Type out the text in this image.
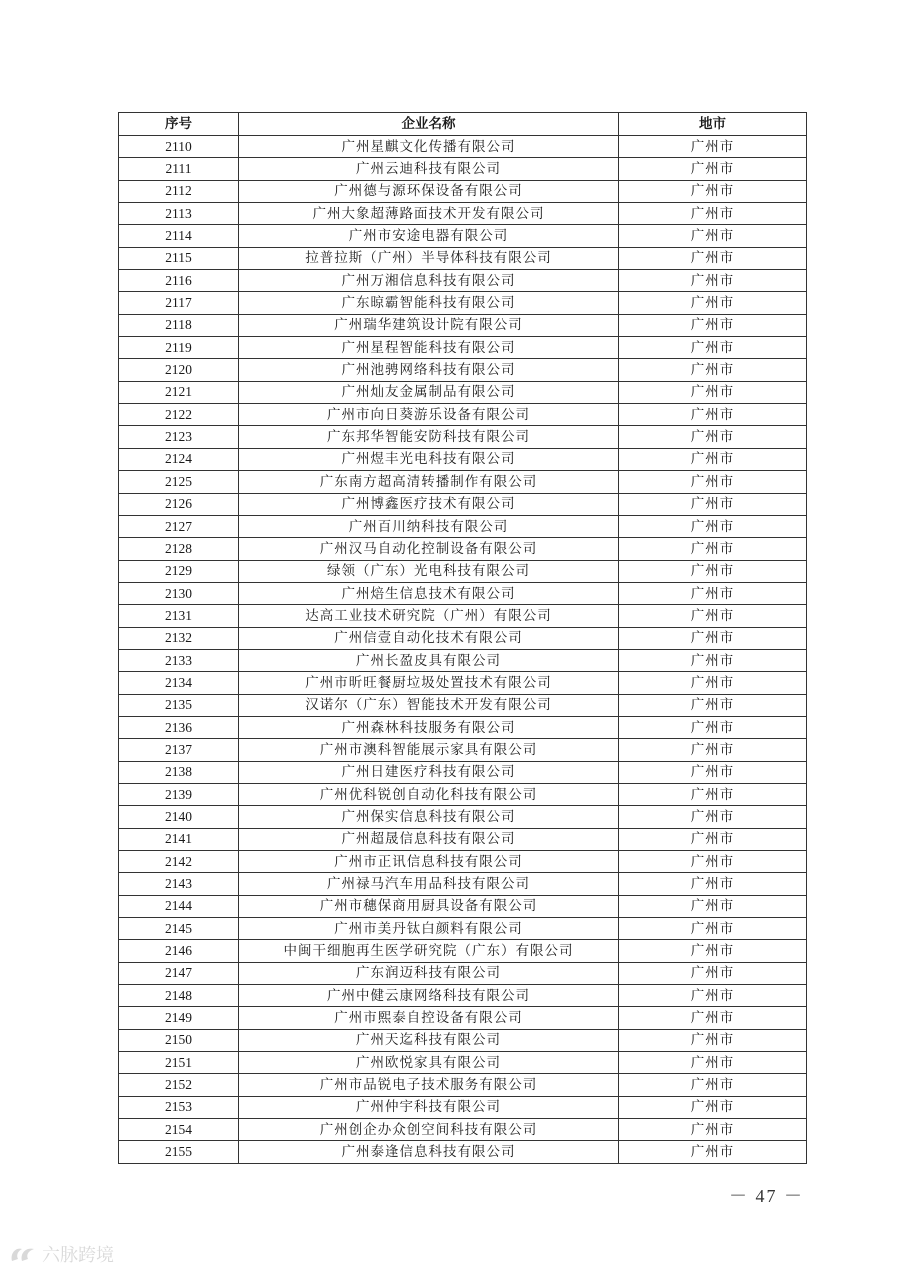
序号	企业名称	地市
2110	广州星麒文化传播有限公司	广州市
2111	广州云迪科技有限公司	广州市
2112	广州德与源环保设备有限公司	广州市
2113	广州大象超薄路面技术开发有限公司	广州市
2114	广州市安途电器有限公司	广州市
2115	拉普拉斯（广州）半导体科技有限公司	广州市
2116	广州万湘信息科技有限公司	广州市
2117	广东晾霸智能科技有限公司	广州市
2118	广州瑞华建筑设计院有限公司	广州市
2119	广州星程智能科技有限公司	广州市
2120	广州池骋网络科技有限公司	广州市
2121	广州灿友金属制品有限公司	广州市
2122	广州市向日葵游乐设备有限公司	广州市
2123	广东邦华智能安防科技有限公司	广州市
2124	广州煜丰光电科技有限公司	广州市
2125	广东南方超高清转播制作有限公司	广州市
2126	广州博鑫医疗技术有限公司	广州市
2127	广州百川纳科技有限公司	广州市
2128	广州汉马自动化控制设备有限公司	广州市
2129	绿领（广东）光电科技有限公司	广州市
2130	广州焙生信息技术有限公司	广州市
2131	达高工业技术研究院（广州）有限公司	广州市
2132	广州信壹自动化技术有限公司	广州市
2133	广州长盈皮具有限公司	广州市
2134	广州市昕旺餐厨垃圾处置技术有限公司	广州市
2135	汉诺尔（广东）智能技术开发有限公司	广州市
2136	广州森林科技服务有限公司	广州市
2137	广州市澳科智能展示家具有限公司	广州市
2138	广州日建医疗科技有限公司	广州市
2139	广州优科锐创自动化科技有限公司	广州市
2140	广州保实信息科技有限公司	广州市
2141	广州超晟信息科技有限公司	广州市
2142	广州市正讯信息科技有限公司	广州市
2143	广州禄马汽车用品科技有限公司	广州市
2144	广州市穗保商用厨具设备有限公司	广州市
2145	广州市美丹钛白颜料有限公司	广州市
2146	中闽干细胞再生医学研究院（广东）有限公司	广州市
2147	广东润迈科技有限公司	广州市
2148	广州中健云康网络科技有限公司	广州市
2149	广州市熙泰自控设备有限公司	广州市
2150	广州天迄科技有限公司	广州市
2151	广州欧悦家具有限公司	广州市
2152	广州市品锐电子技术服务有限公司	广州市
2153	广州仲宇科技有限公司	广州市
2154	广州创企办众创空间科技有限公司	广州市
2155	广州泰逢信息科技有限公司	广州市
－ 47 －
六脉跨境
